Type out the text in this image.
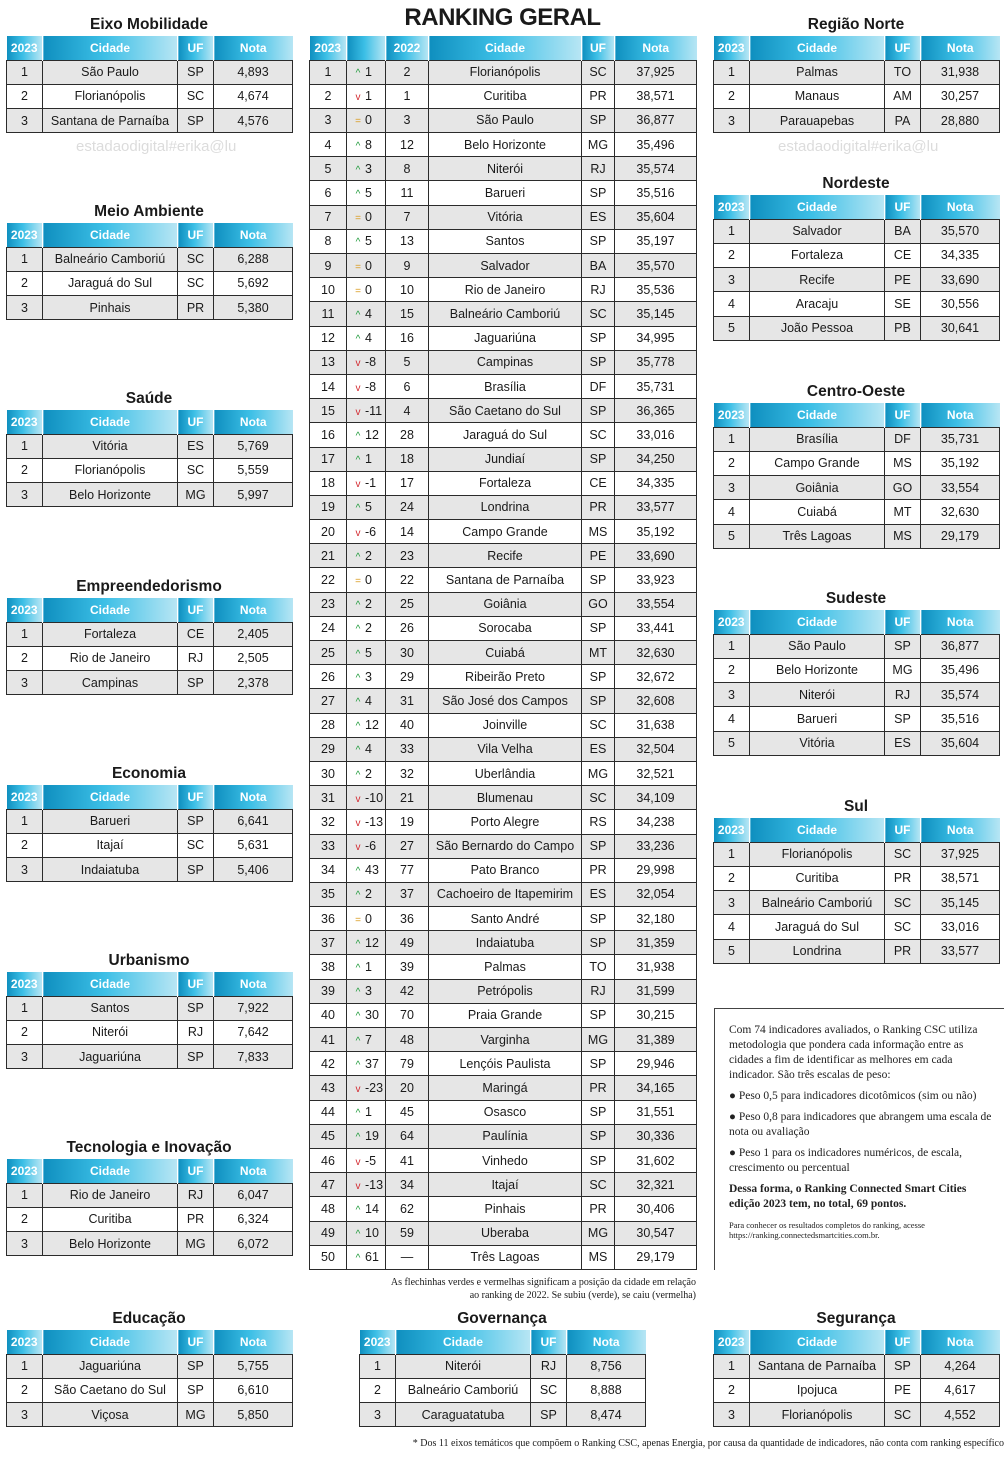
RANKING GERAL
estadaodigital#erika@lu	estadaodigital#erika@lu
Eixo Mobilidade
2023	Cidade	UF	Nota
1	São Paulo	SP	4,893
2	Florianópolis	SC	4,674
3	Santana de Parnaíba	SP	4,576
Meio Ambiente
2023	Cidade	UF	Nota
1	Balneário Camboriú	SC	6,288
2	Jaraguá do Sul	SC	5,692
3	Pinhais	PR	5,380
Saúde
2023	Cidade	UF	Nota
1	Vitória	ES	5,769
2	Florianópolis	SC	5,559
3	Belo Horizonte	MG	5,997
Empreendedorismo
2023	Cidade	UF	Nota
1	Fortaleza	CE	2,405
2	Rio de Janeiro	RJ	2,505
3	Campinas	SP	2,378
Economia
2023	Cidade	UF	Nota
1	Barueri	SP	6,641
2	Itajaí	SC	5,631
3	Indaiatuba	SP	5,406
Urbanismo
2023	Cidade	UF	Nota
1	Santos	SP	7,922
2	Niterói	RJ	7,642
3	Jaguariúna	SP	7,833
Tecnologia e Inovação
2023	Cidade	UF	Nota
1	Rio de Janeiro	RJ	6,047
2	Curitiba	PR	6,324
3	Belo Horizonte	MG	6,072
Educação
2023	Cidade	UF	Nota
1	Jaguariúna	SP	5,755
2	São Caetano do Sul	SP	6,610
3	Viçosa	MG	5,850
Governança
2023	Cidade	UF	Nota
1	Niterói	RJ	8,756
2	Balneário Camboriú	SC	8,888
3	Caraguatatuba	SP	8,474
Segurança
2023	Cidade	UF	Nota
1	Santana de Parnaíba	SP	4,264
2	Ipojuca	PE	4,617
3	Florianópolis	SC	4,552
Região Norte
2023	Cidade	UF	Nota
1	Palmas	TO	31,938
2	Manaus	AM	30,257
3	Parauapebas	PA	28,880
Nordeste
2023	Cidade	UF	Nota
1	Salvador	BA	35,570
2	Fortaleza	CE	34,335
3	Recife	PE	33,690
4	Aracaju	SE	30,556
5	João Pessoa	PB	30,641
Centro-Oeste
2023	Cidade	UF	Nota
1	Brasília	DF	35,731
2	Campo Grande	MS	35,192
3	Goiânia	GO	33,554
4	Cuiabá	MT	32,630
5	Três Lagoas	MS	29,179
Sudeste
2023	Cidade	UF	Nota
1	São Paulo	SP	36,877
2	Belo Horizonte	MG	35,496
3	Niterói	RJ	35,574
4	Barueri	SP	35,516
5	Vitória	ES	35,604
Sul
2023	Cidade	UF	Nota
1	Florianópolis	SC	37,925
2	Curitiba	PR	38,571
3	Balneário Camboriú	SC	35,145
4	Jaraguá do Sul	SC	33,016
5	Londrina	PR	33,577
2023		2022	Cidade	UF	Nota
1	^ 1	2	Florianópolis	SC	37,925
2	v 1	1	Curitiba	PR	38,571
3	= 0	3	São Paulo	SP	36,877
4	^ 8	12	Belo Horizonte	MG	35,496
5	^ 3	8	Niterói	RJ	35,574
6	^ 5	11	Barueri	SP	35,516
7	= 0	7	Vitória	ES	35,604
8	^ 5	13	Santos	SP	35,197
9	= 0	9	Salvador	BA	35,570
10	= 0	10	Rio de Janeiro	RJ	35,536
11	^ 4	15	Balneário Camboriú	SC	35,145
12	^ 4	16	Jaguariúna	SP	34,995
13	v -8	5	Campinas	SP	35,778
14	v -8	6	Brasília	DF	35,731
15	v -11	4	São Caetano do Sul	SP	36,365
16	^ 12	28	Jaraguá do Sul	SC	33,016
17	^ 1	18	Jundiaí	SP	34,250
18	v -1	17	Fortaleza	CE	34,335
19	^ 5	24	Londrina	PR	33,577
20	v -6	14	Campo Grande	MS	35,192
21	^ 2	23	Recife	PE	33,690
22	= 0	22	Santana de Parnaíba	SP	33,923
23	^ 2	25	Goiânia	GO	33,554
24	^ 2	26	Sorocaba	SP	33,441
25	^ 5	30	Cuiabá	MT	32,630
26	^ 3	29	Ribeirão Preto	SP	32,672
27	^ 4	31	São José dos Campos	SP	32,608
28	^ 12	40	Joinville	SC	31,638
29	^ 4	33	Vila Velha	ES	32,504
30	^ 2	32	Uberlândia	MG	32,521
31	v -10	21	Blumenau	SC	34,109
32	v -13	19	Porto Alegre	RS	34,238
33	v -6	27	São Bernardo do Campo	SP	33,236
34	^ 43	77	Pato Branco	PR	29,998
35	^ 2	37	Cachoeiro de Itapemirim	ES	32,054
36	= 0	36	Santo André	SP	32,180
37	^ 12	49	Indaiatuba	SP	31,359
38	^ 1	39	Palmas	TO	31,938
39	^ 3	42	Petrópolis	RJ	31,599
40	^ 30	70	Praia Grande	SP	30,215
41	^ 7	48	Varginha	MG	31,389
42	^ 37	79	Lençóis Paulista	SP	29,946
43	v -23	20	Maringá	PR	34,165
44	^ 1	45	Osasco	SP	31,551
45	^ 19	64	Paulínia	SP	30,336
46	v -5	41	Vinhedo	SP	31,602
47	v -13	34	Itajaí	SC	32,321
48	^ 14	62	Pinhais	PR	30,406
49	^ 10	59	Uberaba	MG	30,547
50	^ 61	—	Três Lagoas	MS	29,179
As flechinhas verdes e vermelhas significam a posição da cidade em relação ao ranking de 2022. Se subiu (verde), se caiu (vermelha)

Com 74 indicadores avaliados, o Ranking CSC utiliza metodologia que pondera cada informação entre as cidades a fim de identificar as melhores em cada indicador. São três escalas de peso:

● Peso 0,5 para indicadores dicotômicos (sim ou não)

● Peso 0,8 para indicadores que abrangem uma escala de nota ou avaliação

● Peso 1 para os indicadores numéricos, de escala, crescimento ou percentual

Dessa forma, o Ranking Connected Smart Cities edição 2023 tem, no total, 69 pontos.

Para conhecer os resultados completos do ranking, acesse https://ranking.connectedsmartcities.com.br.

* Dos 11 eixos temáticos que compõem o Ranking CSC, apenas Energia, por causa da quantidade de indicadores, não conta com ranking específico
